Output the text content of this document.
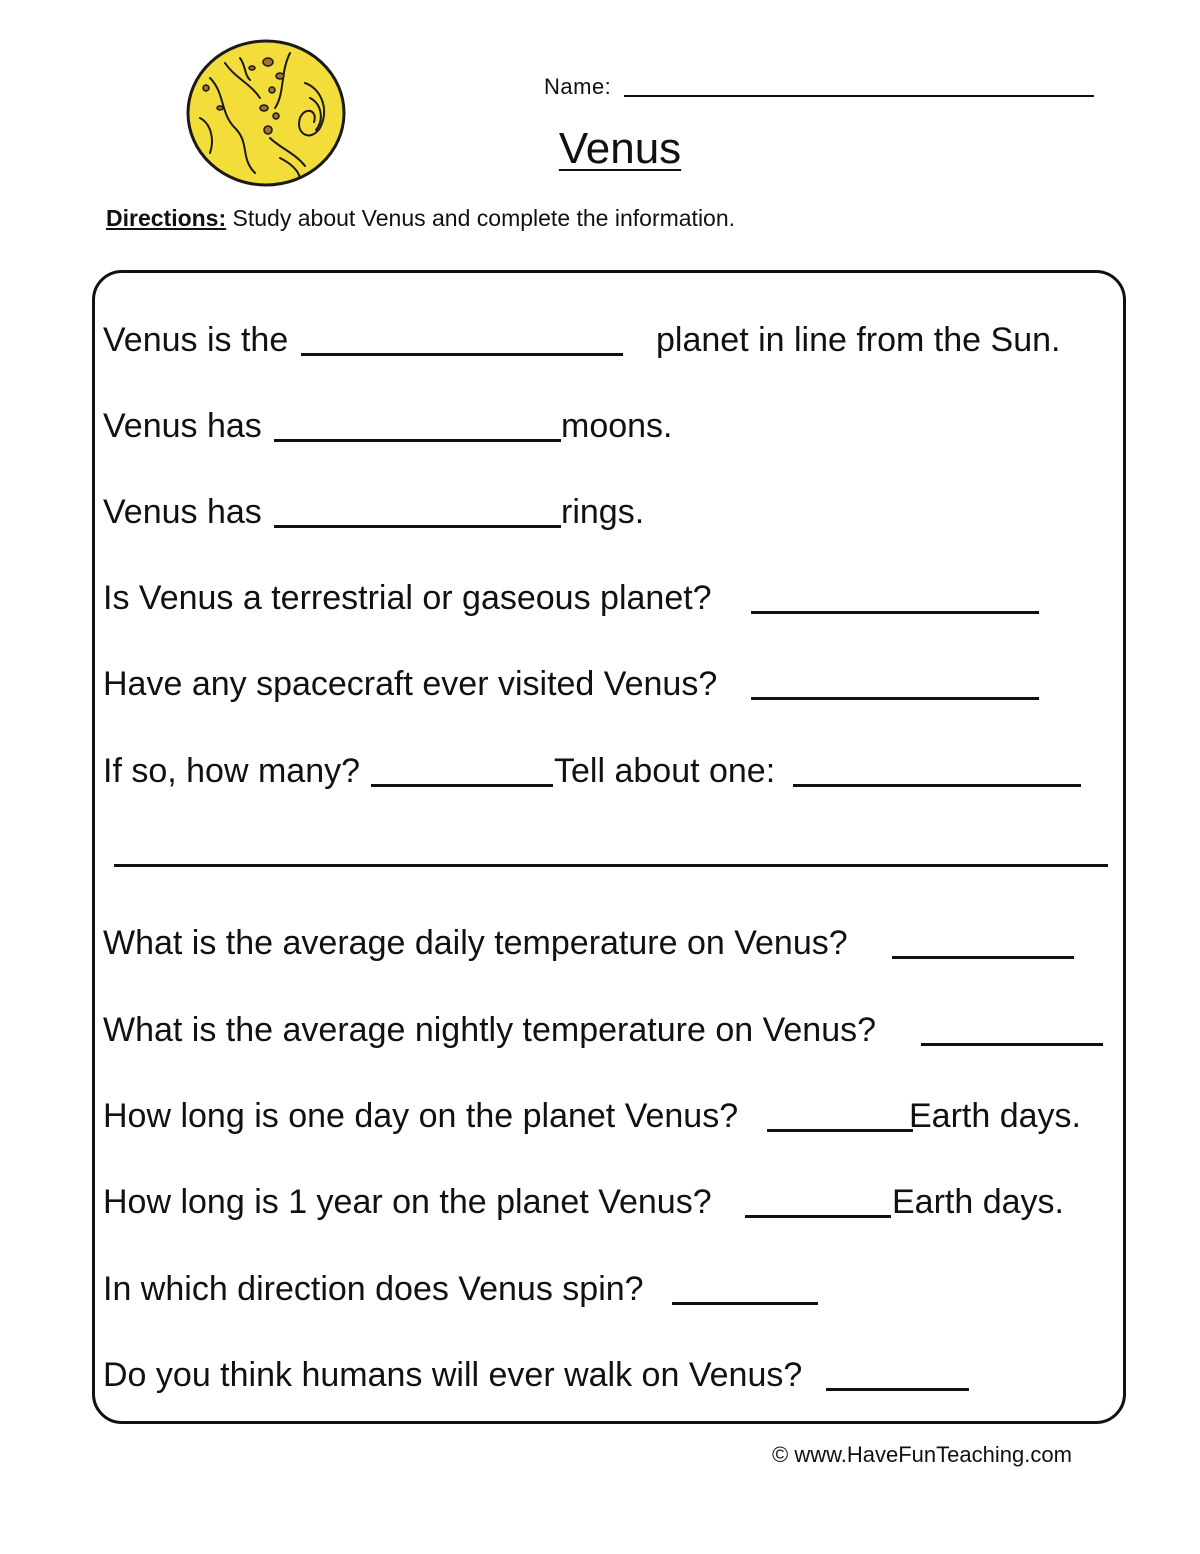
Name:
Venus
Directions: Study about Venus and complete the information.
Venus is the	planet in line from the Sun.
Venus has	moons.
Venus has	rings.
Is Venus a terrestrial or gaseous planet?
Have any spacecraft ever visited Venus?
If so, how many?	Tell about one:
What is the average daily temperature on Venus?
What is the average nightly temperature on Venus?
How long is one day on the planet Venus?	Earth days.
How long is 1 year on the planet Venus?	Earth days.
In which direction does Venus spin?
Do you think humans will ever walk on Venus?
© www.HaveFunTeaching.com
